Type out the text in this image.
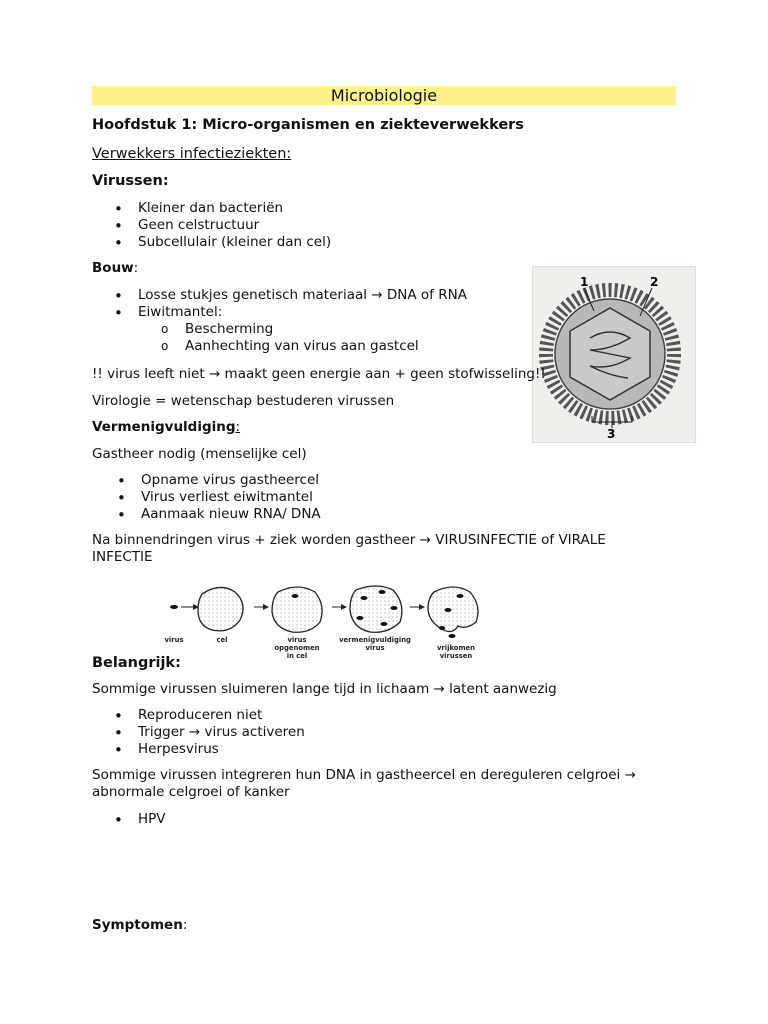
Microbiologie
Hoofdstuk 1: Micro-organismen en ziekteverwekkers
Verwekkers infectieziekten:
Virussen:
•
Kleiner dan bacteriën
•
Geen celstructuur
•
Subcellulair (kleiner dan cel)
Bouw:
•
Losse stukjes genetisch materiaal → DNA of RNA
•
Eiwitmantel:
o Bescherming
o Aanhechting van virus aan gastcel
1	2
3
!! virus leeft niet → maakt geen energie aan + geen stofwisseling!!
Virologie = wetenschap bestuderen virussen
Vermenigvuldiging:
Gastheer nodig (menselijke cel)
•
Opname virus gastheercel
•
Virus verliest eiwitmantel
•
Aanmaak nieuw RNA/ DNA
Na binnendringen virus + ziek worden gastheer → VIRUSINFECTIE of VIRALE
INFECTIE
virus	cel	virus
opgenomen
in cel
vermenigvuldiging
virus	vrijkomen
virussen
Belangrijk:
Sommige virussen sluimeren lange tijd in lichaam → latent aanwezig
•
Reproduceren niet
•
Trigger → virus activeren
•
Herpesvirus
Sommige virussen integreren hun DNA in gastheercel en dereguleren celgroei →
abnormale celgroei of kanker
•
HPV
Symptomen:
